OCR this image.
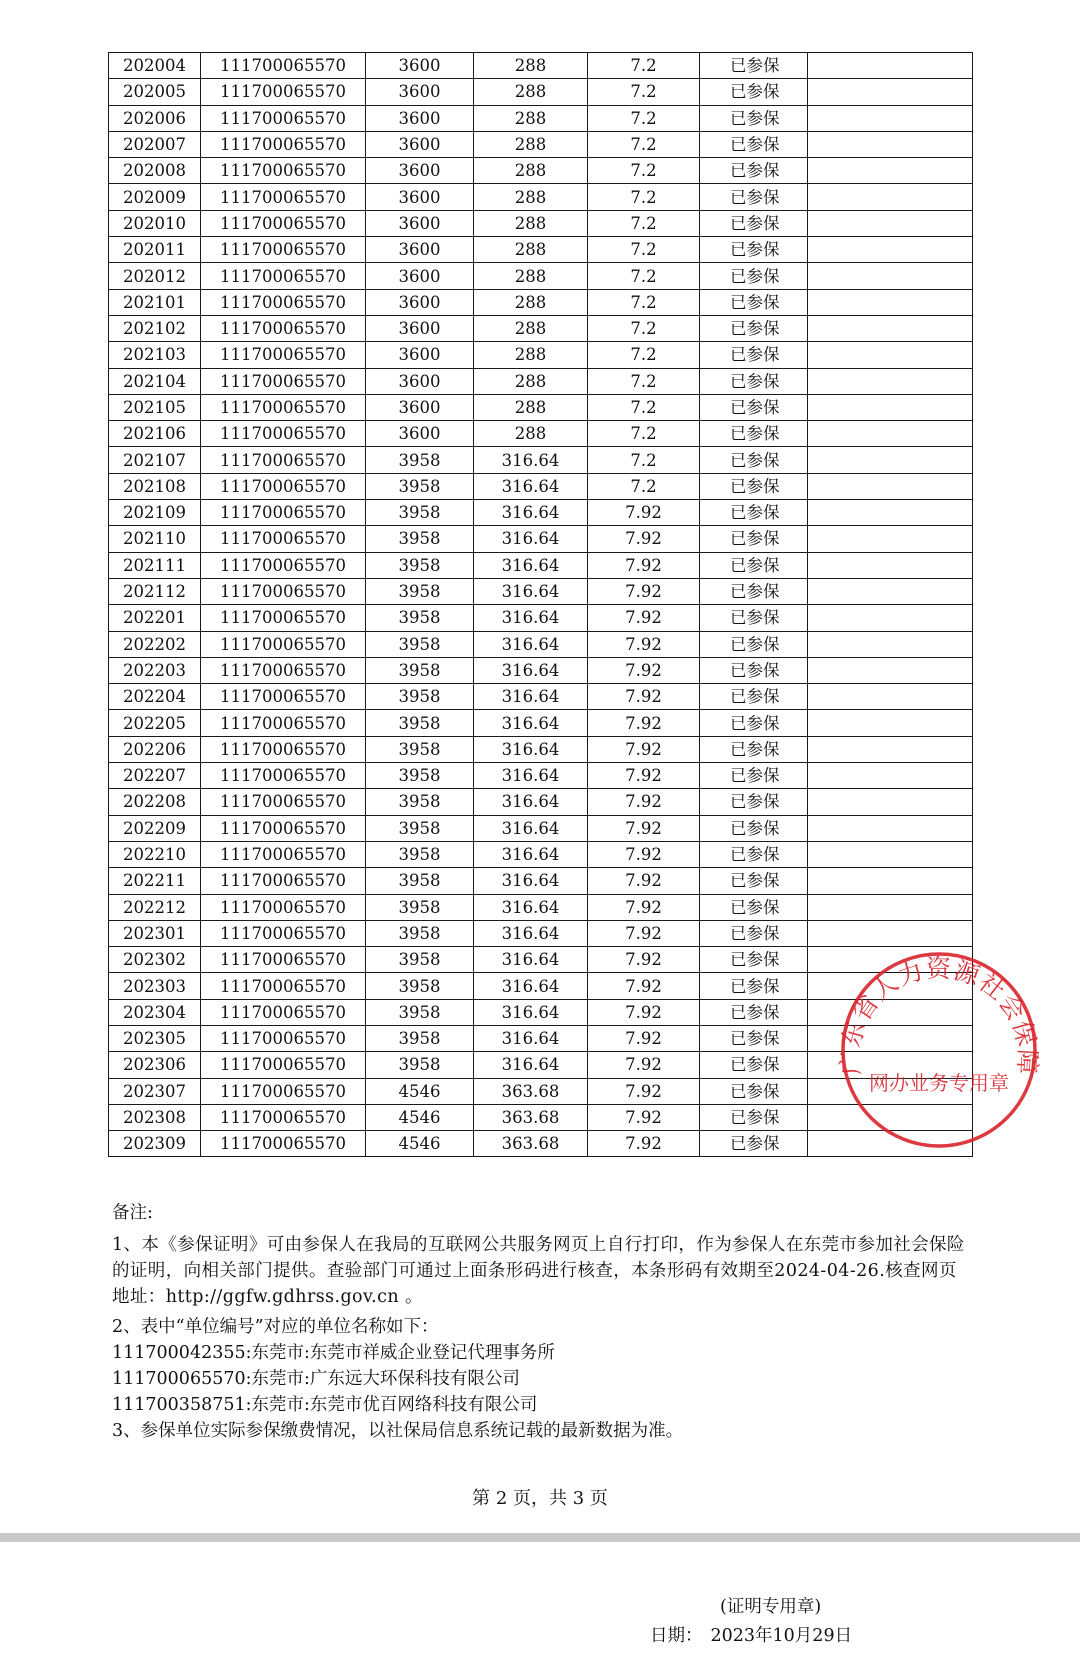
202004	111700065570	3600	288	7.2	已参保	
202005	111700065570	3600	288	7.2	已参保	
202006	111700065570	3600	288	7.2	已参保	
202007	111700065570	3600	288	7.2	已参保	
202008	111700065570	3600	288	7.2	已参保	
202009	111700065570	3600	288	7.2	已参保	
202010	111700065570	3600	288	7.2	已参保	
202011	111700065570	3600	288	7.2	已参保	
202012	111700065570	3600	288	7.2	已参保	
202101	111700065570	3600	288	7.2	已参保	
202102	111700065570	3600	288	7.2	已参保	
202103	111700065570	3600	288	7.2	已参保	
202104	111700065570	3600	288	7.2	已参保	
202105	111700065570	3600	288	7.2	已参保	
202106	111700065570	3600	288	7.2	已参保	
202107	111700065570	3958	316.64	7.2	已参保	
202108	111700065570	3958	316.64	7.2	已参保	
202109	111700065570	3958	316.64	7.92	已参保	
202110	111700065570	3958	316.64	7.92	已参保	
202111	111700065570	3958	316.64	7.92	已参保	
202112	111700065570	3958	316.64	7.92	已参保	
202201	111700065570	3958	316.64	7.92	已参保	
202202	111700065570	3958	316.64	7.92	已参保	
202203	111700065570	3958	316.64	7.92	已参保	
202204	111700065570	3958	316.64	7.92	已参保	
202205	111700065570	3958	316.64	7.92	已参保	
202206	111700065570	3958	316.64	7.92	已参保	
202207	111700065570	3958	316.64	7.92	已参保	
202208	111700065570	3958	316.64	7.92	已参保	
202209	111700065570	3958	316.64	7.92	已参保	
202210	111700065570	3958	316.64	7.92	已参保	
202211	111700065570	3958	316.64	7.92	已参保	
202212	111700065570	3958	316.64	7.92	已参保	
202301	111700065570	3958	316.64	7.92	已参保	
202302	111700065570	3958	316.64	7.92	已参保	
202303	111700065570	3958	316.64	7.92	已参保	
202304	111700065570	3958	316.64	7.92	已参保	
202305	111700065570	3958	316.64	7.92	已参保	
202306	111700065570	3958	316.64	7.92	已参保	
202307	111700065570	4546	363.68	7.92	已参保	
202308	111700065570	4546	363.68	7.92	已参保	
202309	111700065570	4546	363.68	7.92	已参保	
广东省人力资源社会保障
网办业务专用章

备注:

1、本《参保证明》可由参保人在我局的互联网公共服务网页上自行打印，作为参保人在东莞市参加社会保险的证明，向相关部门提供。查验部门可通过上面条形码进行核查，本条形码有效期至2024-04-26.核查网页地址：http://ggfw.gdhrss.gov.cn 。

2、表中“单位编号”对应的单位名称如下：

111700042355:东莞市:东莞市祥威企业登记代理事务所

111700065570:东莞市:广东远大环保科技有限公司

111700358751:东莞市:东莞市优百网络科技有限公司

3、参保单位实际参保缴费情况，以社保局信息系统记载的最新数据为准。

第 2 页，共 3 页
(证明专用章)
日期： 2023年10月29日
